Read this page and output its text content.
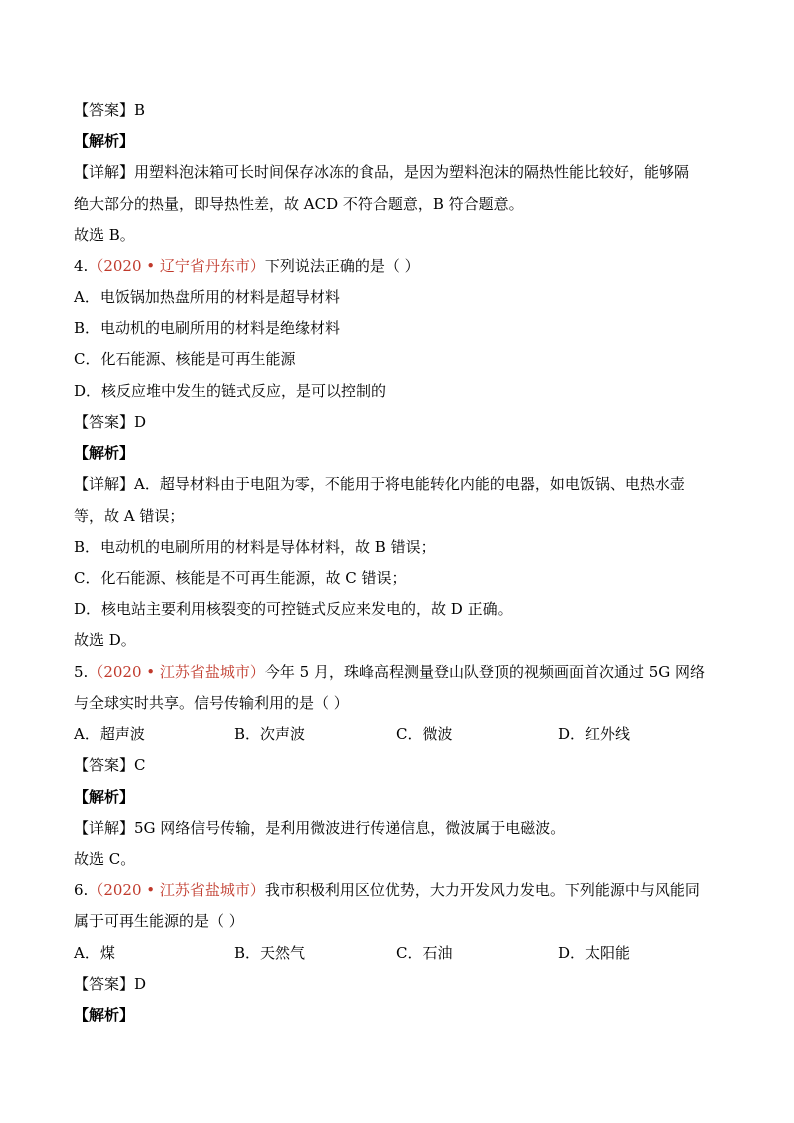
【答案】B
【解析】
【详解】用塑料泡沫箱可长时间保存冰冻的食品，是因为塑料泡沫的隔热性能比较好，能够隔
绝大部分的热量，即导热性差，故 ACD 不符合题意，B 符合题意。
故选 B。
4.（2020 • 辽宁省丹东市）下列说法正确的是（ ）
A．电饭锅加热盘所用的材料是超导材料
B．电动机的电刷所用的材料是绝缘材料
C．化石能源、核能是可再生能源
D．核反应堆中发生的链式反应，是可以控制的
【答案】D
【解析】
【详解】A．超导材料由于电阻为零，不能用于将电能转化内能的电器，如电饭锅、电热水壶
等，故 A 错误；
B．电动机的电刷所用的材料是导体材料，故 B 错误；
C．化石能源、核能是不可再生能源，故 C 错误；
D．核电站主要利用核裂变的可控链式反应来发电的，故 D 正确。
故选 D。
5.（2020 • 江苏省盐城市）今年 5 月，珠峰高程测量登山队登顶的视频画面首次通过 5G 网络
与全球实时共享。信号传输利用的是（ ）
A．超声波	B．次声波	C．微波	D．红外线
【答案】C
【解析】
【详解】5G 网络信号传输，是利用微波进行传递信息，微波属于电磁波。
故选 C。
6.（2020 • 江苏省盐城市）我市积极利用区位优势，大力开发风力发电。下列能源中与风能同
属于可再生能源的是（ ）
A．煤	B．天然气	C．石油	D．太阳能
【答案】D
【解析】
